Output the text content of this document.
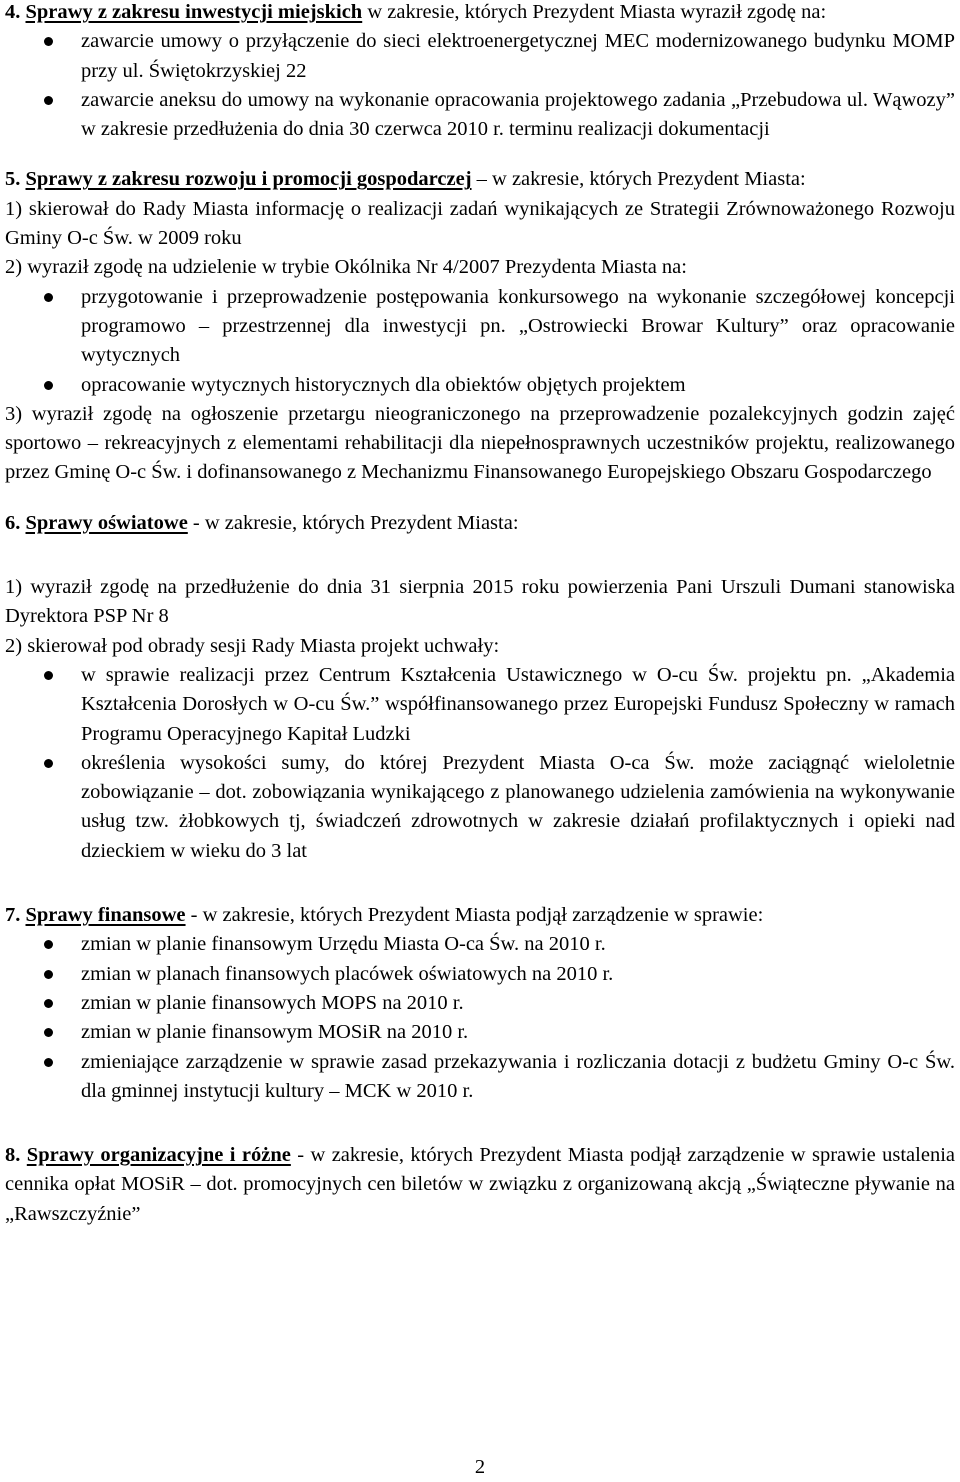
4. Sprawy z zakresu inwestycji miejskich w zakresie, których Prezydent Miasta wyraził zgodę na:

zawarcie umowy o przyłączenie do sieci elektroenergetycznej MEC modernizowanego budynku MOMP przy ul. Świętokrzyskiej 22
zawarcie aneksu do umowy na wykonanie opracowania projektowego zadania „Przebudowa ul. Wąwozy” w zakresie przedłużenia do dnia 30 czerwca 2010 r. terminu realizacji dokumentacji

5. Sprawy z zakresu rozwoju i promocji gospodarczej – w zakresie, których Prezydent Miasta:

1) skierował do Rady Miasta informację o realizacji zadań wynikających ze Strategii Zrównoważonego Rozwoju Gminy O-c Św. w 2009 roku

2) wyraził zgodę na udzielenie w trybie Okólnika Nr 4/2007 Prezydenta Miasta na:

przygotowanie i przeprowadzenie postępowania konkursowego na wykonanie szczegółowej koncepcji programowo – przestrzennej dla inwestycji pn. „Ostrowiecki Browar Kultury” oraz opracowanie wytycznych
opracowanie wytycznych historycznych dla obiektów objętych projektem

3) wyraził zgodę na ogłoszenie przetargu nieograniczonego na przeprowadzenie pozalekcyjnych godzin zajęć sportowo – rekreacyjnych z elementami rehabilitacji dla niepełnosprawnych uczestników projektu, realizowanego przez Gminę O-c Św. i dofinansowanego z Mechanizmu Finansowanego Europejskiego Obszaru Gospodarczego

6. Sprawy oświatowe - w zakresie, których Prezydent Miasta:

1) wyraził zgodę na przedłużenie do dnia 31 sierpnia 2015 roku powierzenia Pani Urszuli Dumani stanowiska Dyrektora PSP Nr 8

2) skierował pod obrady sesji Rady Miasta projekt uchwały:

w sprawie realizacji przez Centrum Kształcenia Ustawicznego w O-cu Św. projektu pn. „Akademia Kształcenia Dorosłych w O-cu Św.” współfinansowanego przez Europejski Fundusz Społeczny w ramach Programu Operacyjnego Kapitał Ludzki
określenia wysokości sumy, do której Prezydent Miasta O-ca Św. może zaciągnąć wieloletnie zobowiązanie – dot. zobowiązania wynikającego z planowanego udzielenia zamówienia na wykonywanie usług tzw. żłobkowych tj, świadczeń zdrowotnych w zakresie działań profilaktycznych i opieki nad dzieckiem w wieku do 3 lat

7. Sprawy finansowe - w zakresie, których Prezydent Miasta podjął zarządzenie w sprawie:

zmian w planie finansowym Urzędu Miasta O-ca Św. na 2010 r.
zmian w planach finansowych placówek oświatowych na 2010 r.
zmian w planie finansowych MOPS na 2010 r.
zmian w planie finansowym MOSiR na 2010 r.
zmieniające zarządzenie w sprawie zasad przekazywania i rozliczania dotacji z budżetu Gminy O-c Św. dla gminnej instytucji kultury – MCK w 2010 r.

8. Sprawy organizacyjne i różne - w zakresie, których Prezydent Miasta podjął zarządzenie w sprawie ustalenia cennika opłat MOSiR – dot. promocyjnych cen biletów w związku z organizowaną akcją „Świąteczne pływanie na „Rawszczyźnie”

2
